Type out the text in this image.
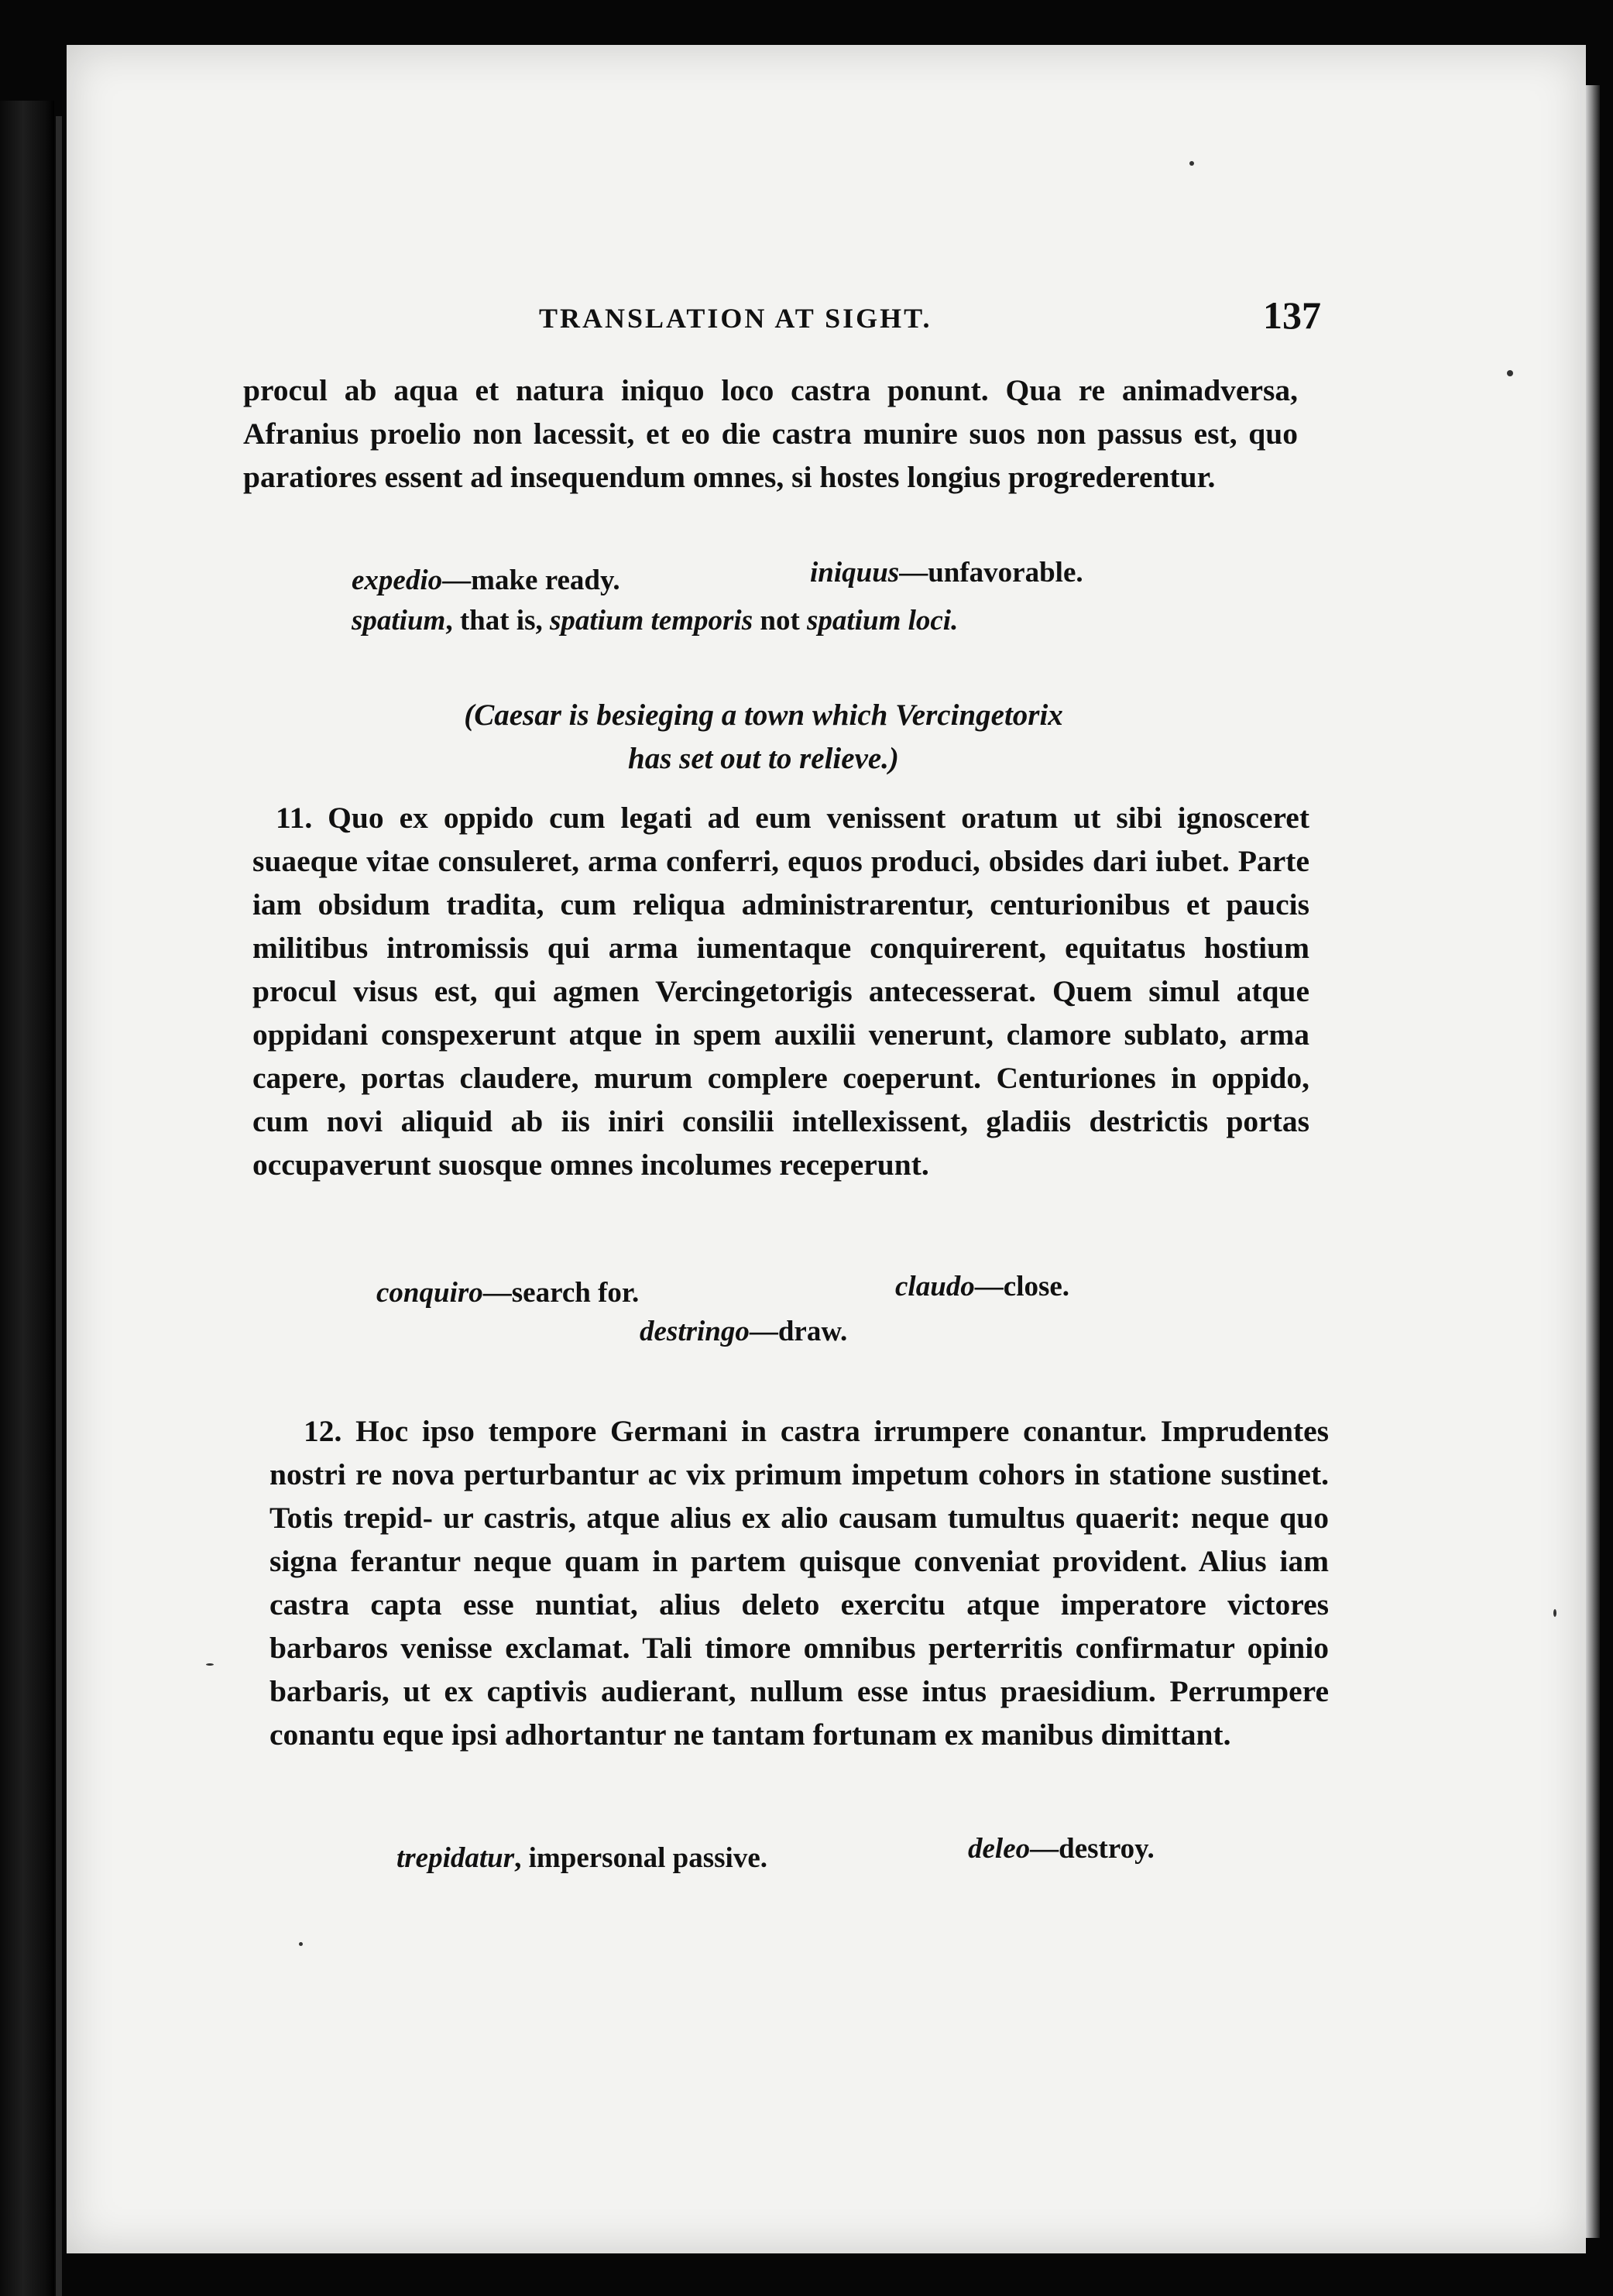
TRANSLATION AT SIGHT.	137

procul ab aqua et natura iniquo loco castra ponunt. Qua re animadversa, Afranius proelio non lacessit, et eo die castra munire suos non passus est, quo paratiores essent ad insequendum omnes, si hostes longius progrederentur.

expedio—make ready.	iniquus—unfavorable.
spatium, that is, spatium temporis not spatium loci.
(Caesar is besieging a town which Vercingetorix
has set out to relieve.)

11. Quo ex oppido cum legati ad eum venissent oratum ut sibi ignosceret suaeque vitae consuleret, arma conferri, equos produci, obsides dari iubet. Parte iam obsidum tradita, cum reliqua administrarentur, centurionibus et paucis militibus intromissis qui arma iumentaque conquirerent, equitatus hostium procul visus est, qui agmen Vercingetorigis antecesserat. Quem simul atque oppidani conspexerunt atque in spem auxilii venerunt, clamore sublato, arma capere, portas claudere, murum complere coeperunt. Centuriones in oppido, cum novi aliquid ab iis iniri consilii intellexissent, gladiis destrictis portas occupaverunt suosque omnes incolumes receperunt.

conquiro—search for.	claudo—close.
destringo—draw.

12. Hoc ipso tempore Germani in castra irrumpere conantur. Imprudentes nostri re nova perturbantur ac vix primum impetum cohors in statione sustinet. Totis trepid- ur castris, atque alius ex alio causam tumultus quaerit: neque quo signa ferantur neque quam in partem quisque conveniat provident. Alius iam castra capta esse nuntiat, alius deleto exercitu atque imperatore victores barbaros venisse exclamat. Tali timore omnibus perterritis confirmatur opinio barbaris, ut ex captivis audierant, nullum esse intus praesidium. Perrumpere conantu eque ipsi adhortantur ne tantam fortunam ex manibus dimittant.

trepidatur, impersonal passive.	deleo—destroy.
